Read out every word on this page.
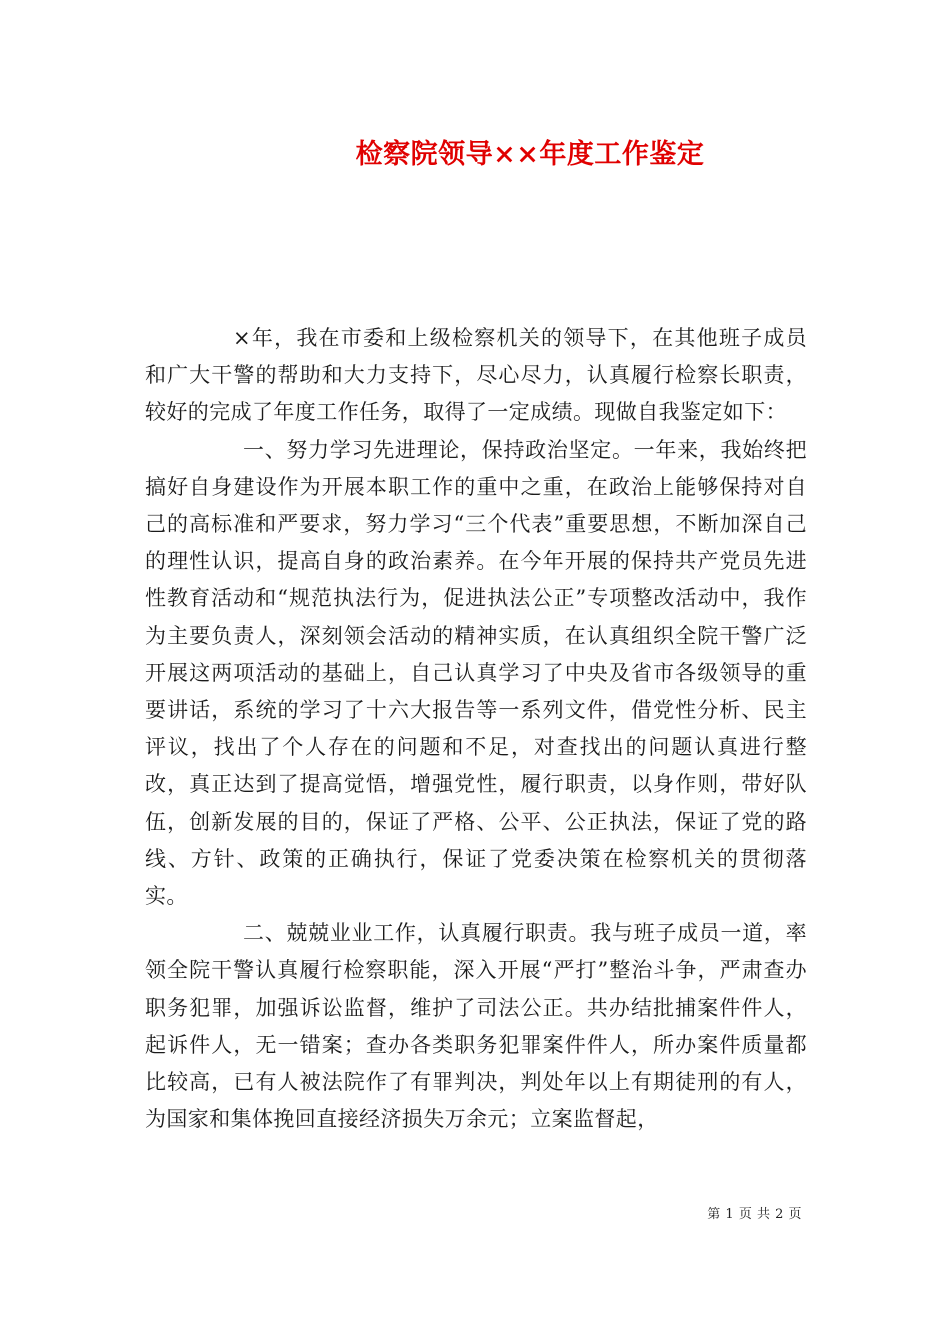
检察院领导××年度工作鉴定

×年，我在市委和上级检察机关的领导下，在其他班子成员和广大干警的帮助和大力支持下，尽心尽力，认真履行检察长职责，较好的完成了年度工作任务，取得了一定成绩。现做自我鉴定如下：

一、努力学习先进理论，保持政治坚定。一年来，我始终把搞好自身建设作为开展本职工作的重中之重，在政治上能够保持对自己的高标准和严要求，努力学习“三个代表”重要思想，不断加深自己的理性认识，提高自身的政治素养。在今年开展的保持共产党员先进性教育活动和“规范执法行为，促进执法公正”专项整改活动中，我作为主要负责人，深刻领会活动的精神实质，在认真组织全院干警广泛开展这两项活动的基础上，自己认真学习了中央及省市各级领导的重要讲话，系统的学习了十六大报告等一系列文件，借党性分析、民主评议，找出了个人存在的问题和不足，对查找出的问题认真进行整改，真正达到了提高觉悟，增强党性，履行职责，以身作则，带好队伍，创新发展的目的，保证了严格、公平、公正执法，保证了党的路线、方针、政策的正确执行，保证了党委决策在检察机关的贯彻落实。

二、兢兢业业工作，认真履行职责。我与班子成员一道，率领全院干警认真履行检察职能，深入开展“严打”整治斗争，严肃查办职务犯罪，加强诉讼监督，维护了司法公正。共办结批捕案件件人，起诉件人，无一错案；查办各类职务犯罪案件件人，所办案件质量都比较高，已有人被法院作了有罪判决，判处年以上有期徒刑的有人，为国家和集体挽回直接经济损失万余元；立案监督起，

第 1 页 共 2 页
